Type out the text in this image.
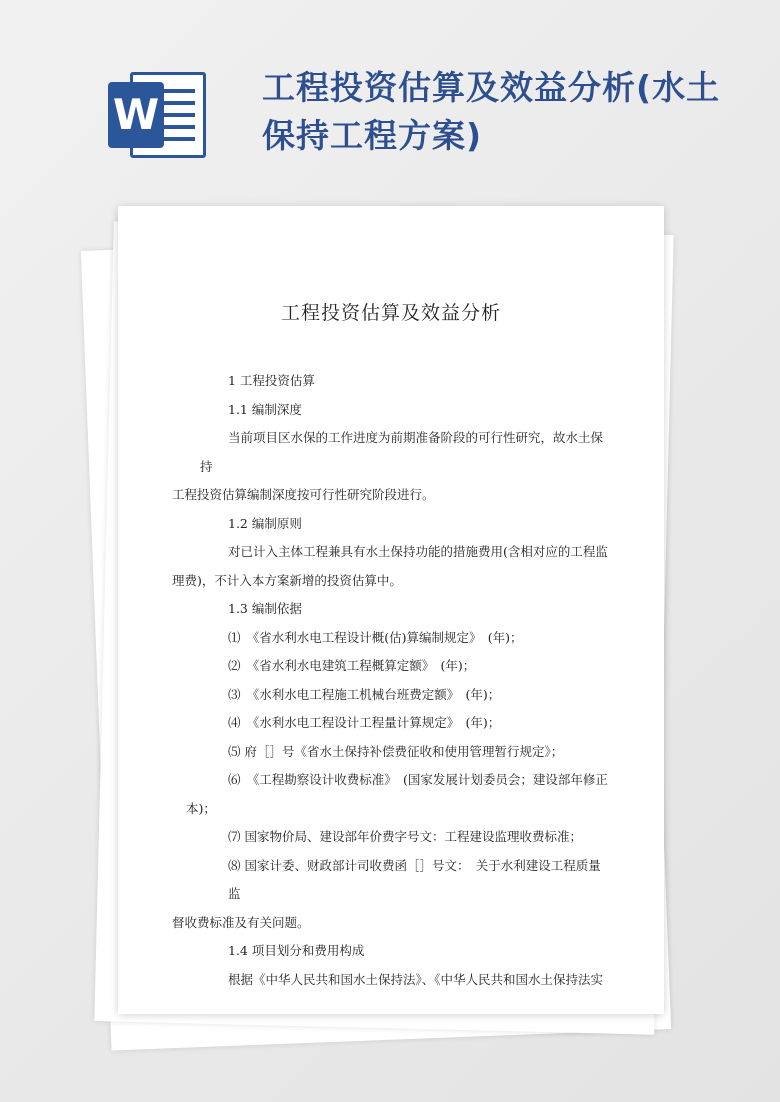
W
工程投资估算及效益分析(水土保持工程方案)
工程投资估算及效益分析

1 工程投资估算

1.1 编制深度

当前项目区水保的工作进度为前期准备阶段的可行性研究，故水土保持

工程投资估算编制深度按可行性研究阶段进行。

1.2 编制原则

对已计入主体工程兼具有水土保持功能的措施费用(含相对应的工程监

理费)，不计入本方案新增的投资估算中。

1.3 编制依据

⑴　《省水利水电工程设计概(估)算编制规定》　(年)；

⑵　《省水利水电建筑工程概算定额》　(年)；

⑶　《水利水电工程施工机械台班费定额》　(年)；

⑷　《水利水电工程设计工程量计算规定》　(年)；

⑸ 府［］号《省水土保持补偿费征收和使用管理暂行规定》；

⑹　《工程勘察设计收费标准》　(国家发展计划委员会；建设部年修正

本)；

⑺ 国家物价局、建设部年价费字号文：工程建设监理收费标准；

⑻ 国家计委、财政部计司收费函［］号文：　关于水利建设工程质量监

督收费标准及有关问题。

1.4 项目划分和费用构成

根据《中华人民共和国水土保持法》、《中华人民共和国水土保持法实
